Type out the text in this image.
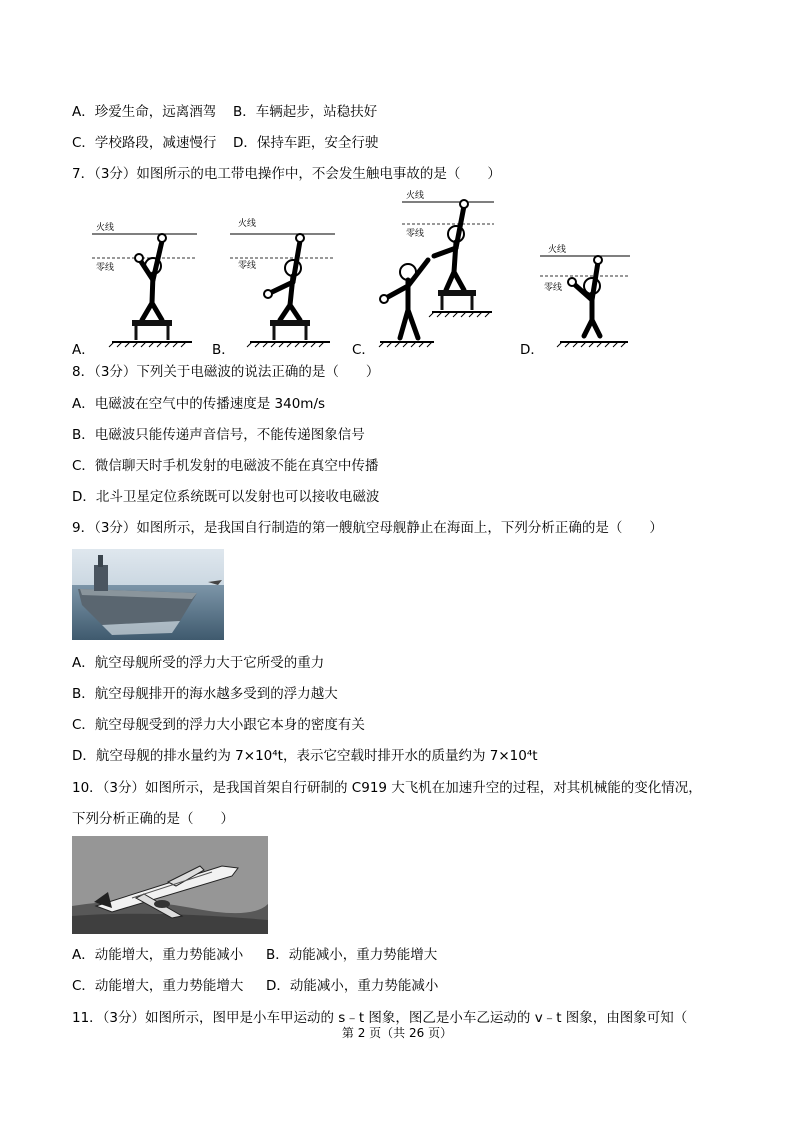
A．珍爱生命，远离酒驾 B．车辆起步，站稳扶好
C．学校路段，减速慢行 D．保持车距，安全行驶
7．（3分）如图所示的电工带电操作中，不会发生触电事故的是（　　）
火线
零线
A．
火线
零线
B．
火线
零线
C．
火线
零线
D．
8．（3分）下列关于电磁波的说法正确的是（　　）
A．电磁波在空气中的传播速度是 340m/s
B．电磁波只能传递声音信号，不能传递图象信号
C．微信聊天时手机发射的电磁波不能在真空中传播
D．北斗卫星定位系统既可以发射也可以接收电磁波
9．（3分）如图所示，是我国自行制造的第一艘航空母舰静止在海面上，下列分析正确的是（　　）
A．航空母舰所受的浮力大于它所受的重力
B．航空母舰排开的海水越多受到的浮力越大
C．航空母舰受到的浮力大小跟它本身的密度有关
D．航空母舰的排水量约为 7×10⁴t，表示它空载时排开水的质量约为 7×10⁴t
10．（3分）如图所示，是我国首架自行研制的 C919 大飞机在加速升空的过程，对其机械能的变化情况，
下列分析正确的是（　　）
A．动能增大，重力势能减小 B．动能减小，重力势能增大
C．动能增大，重力势能增大 D．动能减小，重力势能减小
11．（3分）如图所示，图甲是小车甲运动的 s﹣t 图象，图乙是小车乙运动的 v﹣t 图象，由图象可知（
第 2 页（共 26 页）
